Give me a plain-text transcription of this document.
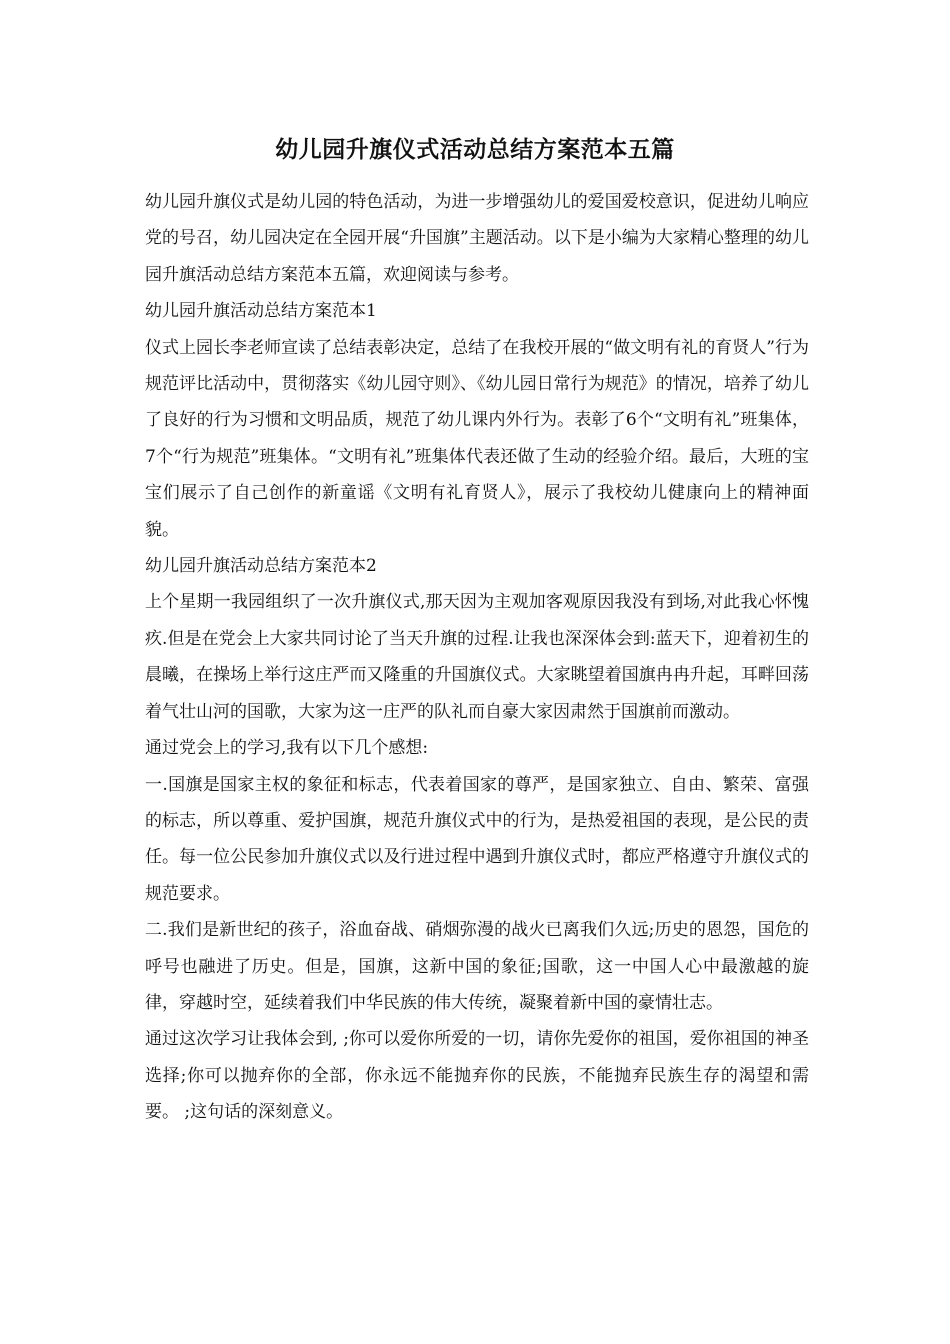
幼儿园升旗仪式活动总结方案范本五篇

幼儿园升旗仪式是幼儿园的特色活动，为进一步增强幼儿的爱国爱校意识，促进幼儿响应党的号召，幼儿园决定在全园开展“升国旗”主题活动。以下是小编为大家精心整理的幼儿园升旗活动总结方案范本五篇，欢迎阅读与参考。

幼儿园升旗活动总结方案范本1

仪式上园长李老师宣读了总结表彰决定，总结了在我校开展的“做文明有礼的育贤人”行为规范评比活动中，贯彻落实《幼儿园守则》、《幼儿园日常行为规范》的情况，培养了幼儿了良好的行为习惯和文明品质，规范了幼儿课内外行为。表彰了6个“文明有礼”班集体，7个“行为规范”班集体。“文明有礼”班集体代表还做了生动的经验介绍。最后，大班的宝宝们展示了自己创作的新童谣《文明有礼育贤人》，展示了我校幼儿健康向上的精神面貌。

幼儿园升旗活动总结方案范本2

上个星期一我园组织了一次升旗仪式,那天因为主观加客观原因我没有到场,对此我心怀愧疚.但是在党会上大家共同讨论了当天升旗的过程.让我也深深体会到:蓝天下，迎着初生的晨曦，在操场上举行这庄严而又隆重的升国旗仪式。大家眺望着国旗冉冉升起，耳畔回荡着气壮山河的国歌，大家为这一庄严的队礼而自豪大家因肃然于国旗前而激动。

通过党会上的学习,我有以下几个感想:

一.国旗是国家主权的象征和标志，代表着国家的尊严，是国家独立、自由、繁荣、富强的标志，所以尊重、爱护国旗，规范升旗仪式中的行为，是热爱祖国的表现，是公民的责任。每一位公民参加升旗仪式以及行进过程中遇到升旗仪式时，都应严格遵守升旗仪式的规范要求。

二.我们是新世纪的孩子，浴血奋战、硝烟弥漫的战火已离我们久远;历史的恩怨，国危的呼号也融进了历史。但是，国旗，这新中国的象征;国歌，这一中国人心中最激越的旋律，穿越时空，延续着我们中华民族的伟大传统，凝聚着新中国的豪情壮志。

通过这次学习让我体会到, ;你可以爱你所爱的一切，请你先爱你的祖国，爱你祖国的神圣选择;你可以抛弃你的全部，你永远不能抛弃你的民族，不能抛弃民族生存的渴望和需要。 ;这句话的深刻意义。
